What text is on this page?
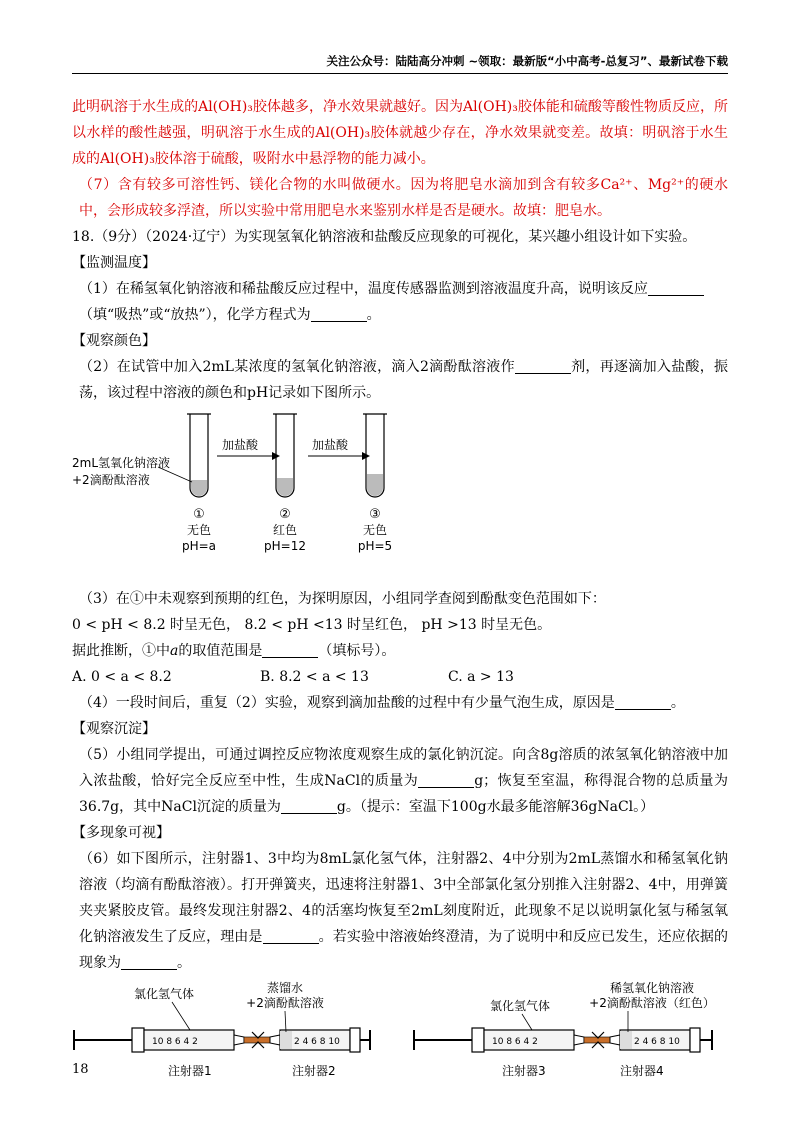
关注公众号：陆陆高分冲刺 ~领取：最新版“小中高考-总复习”、最新试卷下载

此明矾溶于水生成的Al(OH)₃胶体越多，净水效果就越好。因为Al(OH)₃胶体能和硫酸等酸性物质反应，所以水样的酸性越强，明矾溶于水生成的Al(OH)₃胶体就越少存在，净水效果就变差。故填：明矾溶于水生成的Al(OH)₃胶体溶于硫酸，吸附水中悬浮物的能力减小。

（7）含有较多可溶性钙、镁化合物的水叫做硬水。因为将肥皂水滴加到含有较多Ca²⁺、Mg²⁺的硬水中，会形成较多浮渣，所以实验中常用肥皂水来鉴别水样是否是硬水。故填：肥皂水。

18.（9分）（2024·辽宁）为实现氢氧化钠溶液和盐酸反应现象的可视化，某兴趣小组设计如下实验。

【监测温度】

（1）在稀氢氧化钠溶液和稀盐酸反应过程中，温度传感器监测到溶液温度升高，说明该反应
（填“吸热”或“放热”），化学方程式为	。

【观察颜色】

（2）在试管中加入2mL某浓度的氢氧化钠溶液，滴入2滴酚酞溶液作	剂，再逐滴加入盐酸，振荡，该过程中溶液的颜色和pH记录如下图所示。

2mL氢氧化钠溶液
+2滴酚酞溶液
加盐酸	加盐酸
①
无色
pH=a
②
红色
pH=12
③
无色
pH=5

（3）在①中未观察到预期的红色，为探明原因，小组同学查阅到酚酞变色范围如下：

0 < pH < 8.2 时呈无色， 8.2 < pH <13 时呈红色， pH >13 时呈无色。

据此推断，①中a的取值范围是	（填标号）。

A. 0 < a < 8.2	B. 8.2 < a < 13	C. a > 13

（4）一段时间后，重复（2）实验，观察到滴加盐酸的过程中有少量气泡生成，原因是	。

【观察沉淀】

（5）小组同学提出，可通过调控反应物浓度观察生成的氯化钠沉淀。向含8g溶质的浓氢氧化钠溶液中加入浓盐酸，恰好完全反应至中性，生成NaCl的质量为	g；恢复至室温，称得混合物的总质量为36.7g，其中NaCl沉淀的质量为	g。（提示：室温下100g水最多能溶解36gNaCl。）

【多现象可视】

（6）如下图所示，注射器1、3中均为8mL氯化氢气体，注射器2、4中分别为2mL蒸馏水和稀氢氧化钠溶液（均滴有酚酞溶液）。打开弹簧夹，迅速将注射器1、3中全部氯化氢分别推入注射器2、4中，用弹簧夹夹紧胶皮管。最终发现注射器2、4的活塞均恢复至2mL刻度附近，此现象不足以说明氯化氢与稀氢氧化钠溶液发生了反应，理由是	。若实验中溶液始终澄清，为了说明中和反应已发生，还应依据的现象为	。

10 8 6 4 2	2 4 6 8 10
氯化氢气体	蒸馏水
+2滴酚酞溶液
注射器1	注射器2
10 8 6 4 2	2 4 6 8 10
氯化氢气体
稀氢氧化钠溶液
+2滴酚酞溶液（红色）
注射器3	注射器4
18
